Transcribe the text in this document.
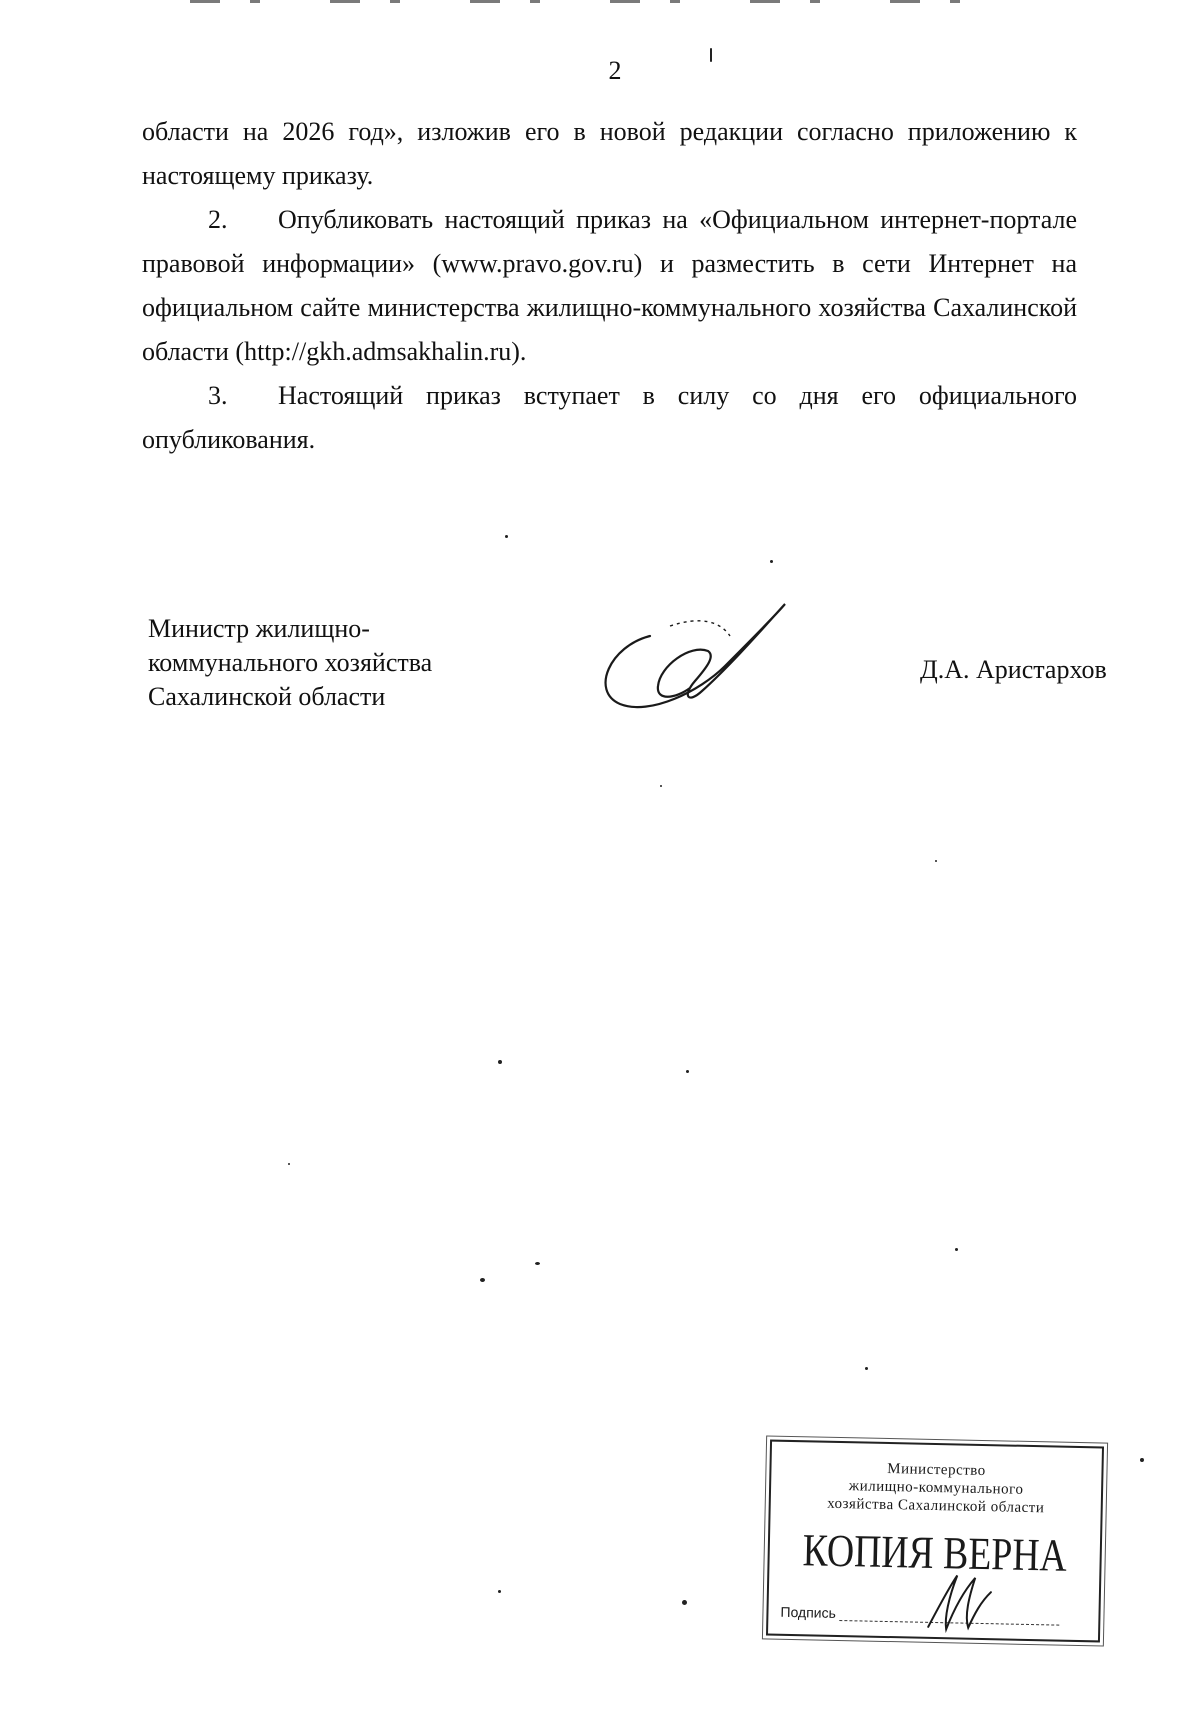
2

области на 2026 год», изложив его в новой редакции согласно приложению к настоящему приказу.

2. Опубликовать настоящий приказ на «Официальном интернет-портале правовой информации» (www.pravo.gov.ru) и разместить в сети Интернет на официальном сайте министерства жилищно-коммунального хозяйства Сахалинской области (http://gkh.admsakhalin.ru).

3. Настоящий приказ вступает в силу со дня его официального опубликования.

Министр жилищно-
коммунального хозяйства
Сахалинской области
Д.А. Аристархов
Министерство
жилищно-коммунального
хозяйства Сахалинской области
КОПИЯ ВЕРНА
Подпись
